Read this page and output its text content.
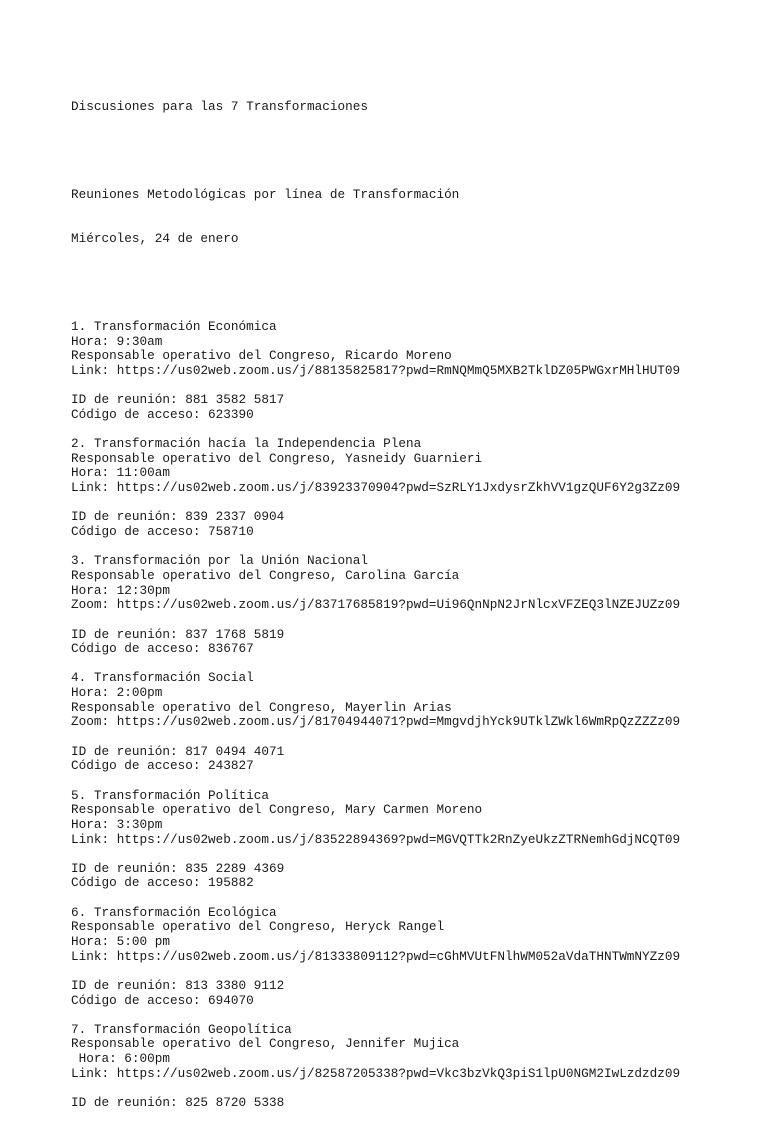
Discusiones para las 7 Transformaciones

Reuniones Metodológicas por línea de Transformación

Miércoles, 24 de enero

1. Transformación Económica
Hora: 9:30am
Responsable operativo del Congreso, Ricardo Moreno
Link: https://us02web.zoom.us/j/88135825817?pwd=RmNQMmQ5MXB2TklDZ05PWGxrMHlHUT09
ID de reunión: 881 3582 5817
Código de acceso: 623390
2. Transformación hacía la Independencia Plena
Responsable operativo del Congreso, Yasneidy Guarnieri
Hora: 11:00am
Link: https://us02web.zoom.us/j/83923370904?pwd=SzRLY1JxdysrZkhVV1gzQUF6Y2g3Zz09
ID de reunión: 839 2337 0904
Código de acceso: 758710
3. Transformación por la Unión Nacional
Responsable operativo del Congreso, Carolina García
Hora: 12:30pm
Zoom: https://us02web.zoom.us/j/83717685819?pwd=Ui96QnNpN2JrNlcxVFZEQ3lNZEJUZz09
ID de reunión: 837 1768 5819
Código de acceso: 836767
4. Transformación Social
Hora: 2:00pm
Responsable operativo del Congreso, Mayerlin Arias
Zoom: https://us02web.zoom.us/j/81704944071?pwd=MmgvdjhYck9UTklZWkl6WmRpQzZZZz09
ID de reunión: 817 0494 4071
Código de acceso: 243827
5. Transformación Política
Responsable operativo del Congreso, Mary Carmen Moreno
Hora: 3:30pm
Link: https://us02web.zoom.us/j/83522894369?pwd=MGVQTTk2RnZyeUkzZTRNemhGdjNCQT09
ID de reunión: 835 2289 4369
Código de acceso: 195882
6. Transformación Ecológica
Responsable operativo del Congreso, Heryck Rangel
Hora: 5:00 pm
Link: https://us02web.zoom.us/j/81333809112?pwd=cGhMVUtFNlhWM052aVdaTHNTWmNYZz09
ID de reunión: 813 3380 9112
Código de acceso: 694070
7. Transformación Geopolítica
Responsable operativo del Congreso, Jennifer Mujica
Hora: 6:00pm
Link: https://us02web.zoom.us/j/82587205338?pwd=Vkc3bzVkQ3piS1lpU0NGM2IwLzdzdz09
ID de reunión: 825 8720 5338
